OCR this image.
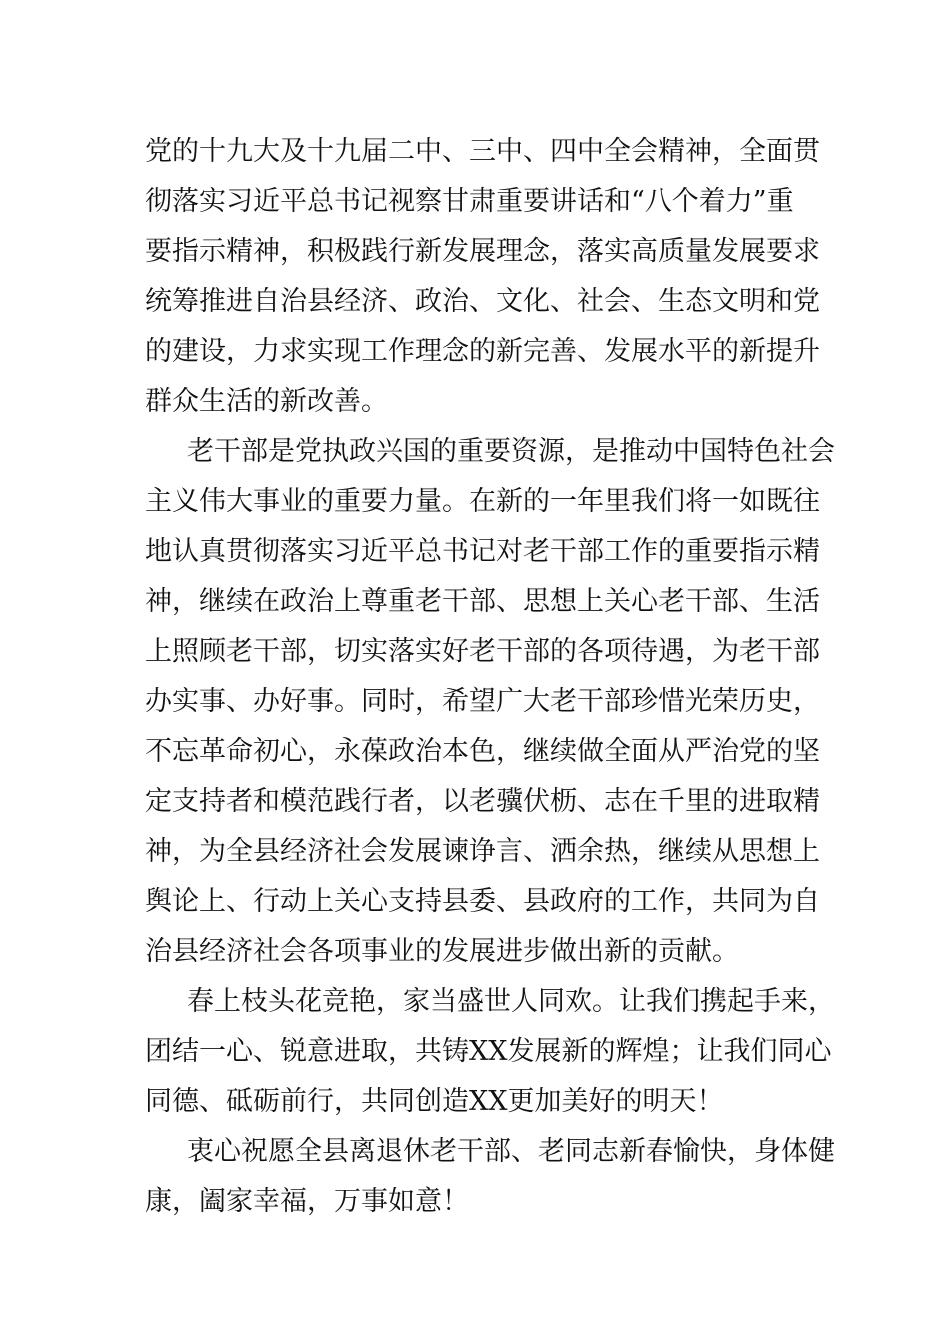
党的十九大及十九届二中、三中、四中全会精神，全面贯
彻落实习近平总书记视察甘肃重要讲话和“八个着力”重
要指示精神，积极践行新发展理念，落实高质量发展要求
统筹推进自治县经济、政治、文化、社会、生态文明和党
的建设，力求实现工作理念的新完善、发展水平的新提升
群众生活的新改善。
老干部是党执政兴国的重要资源，是推动中国特色社会
主义伟大事业的重要力量。在新的一年里我们将一如既往
地认真贯彻落实习近平总书记对老干部工作的重要指示精
神，继续在政治上尊重老干部、思想上关心老干部、生活
上照顾老干部，切实落实好老干部的各项待遇，为老干部
办实事、办好事。同时，希望广大老干部珍惜光荣历史，
不忘革命初心，永葆政治本色，继续做全面从严治党的坚
定支持者和模范践行者，以老骥伏枥、志在千里的进取精
神，为全县经济社会发展谏诤言、洒余热，继续从思想上
舆论上、行动上关心支持县委、县政府的工作，共同为自
治县经济社会各项事业的发展进步做出新的贡献。
春上枝头花竞艳，家当盛世人同欢。让我们携起手来，
团结一心、锐意进取，共铸XX发展新的辉煌；让我们同心
同德、砥砺前行，共同创造XX更加美好的明天！
衷心祝愿全县离退休老干部、老同志新春愉快，身体健
康，阖家幸福，万事如意！
